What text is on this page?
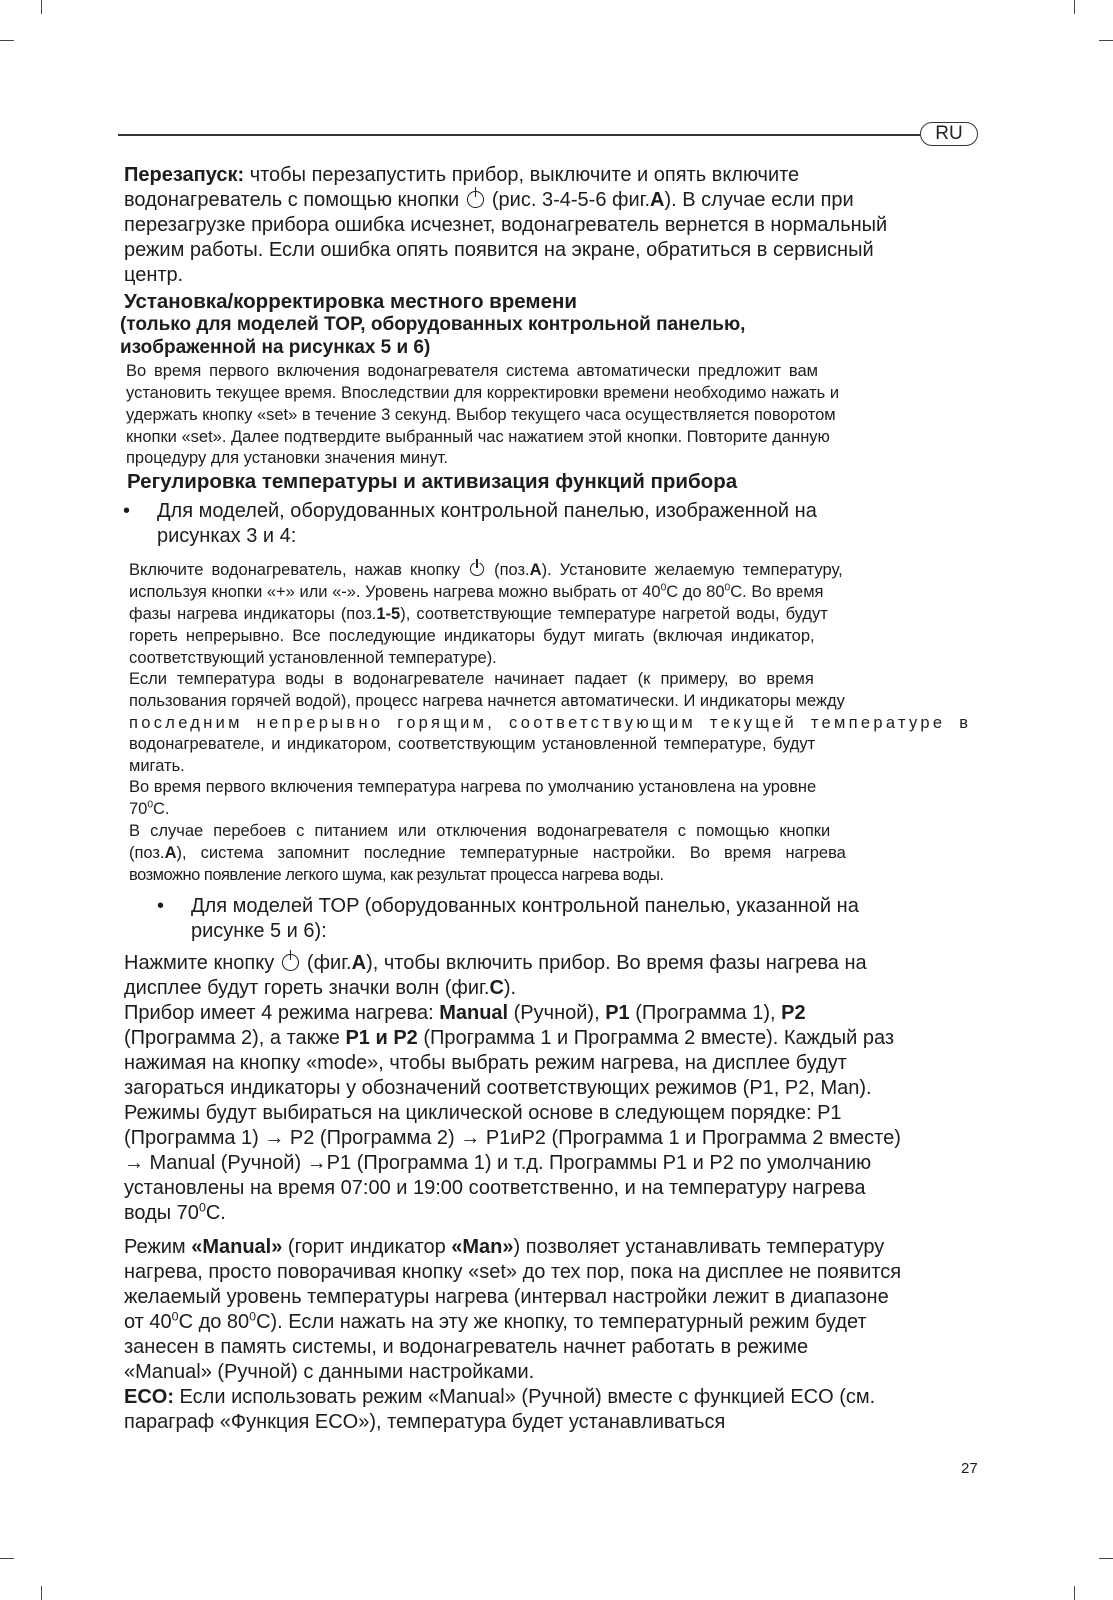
RU
Перезапуск: чтобы перезапустить прибор, выключите и опять включите
водонагреватель с помощью кнопки  (рис. 3-4-5-6 фиг.A). В случае если при
перезагрузке прибора ошибка исчезнет, водонагреватель вернется в нормальный
режим работы. Если ошибка опять появится на экране, обратиться в сервисный
центр.
Установка/корректировка местного времени
(только для моделей TOP, оборудованных контрольной панелью,
изображенной на рисунках 5 и 6)
Во время первого включения водонагревателя система автоматически предложит вам
установить текущее время. Впоследствии для корректировки времени необходимо нажать и
удержать кнопку «set» в течение 3 секунд. Выбор текущего часа осуществляется поворотом
кнопки «set». Далее подтвердите выбранный час нажатием этой кнопки. Повторите данную
процедуру для установки значения минут.
Регулировка температуры и активизация функций прибора
• Для моделей, оборудованных контрольной панелью, изображенной на
рисунках 3 и 4:
Включите водонагреватель, нажав кнопку  (поз.A). Установите желаемую температуру,
используя кнопки «+» или «-». Уровень нагрева можно выбрать от $40^0С$ до $80^0С$. Во время
фазы нагрева индикаторы (поз.1-5), соответствующие температуре нагретой воды, будут
гореть непрерывно. Все последующие индикаторы будут мигать (включая индикатор,
соответствующий установленной температуре).
Если температура воды в водонагревателе начинает падает (к примеру, во время
пользования горячей водой), процесс нагрева начнется автоматически. И индикаторы между
последним непрерывно горящим, соответствующим текущей температуре в
водонагревателе, и индикатором, соответствующим установленной температуре, будут
мигать.
Во время первого включения температура нагрева по умолчанию установлена на уровне
$70^0С$.
В случае перебоев с питанием или отключения водонагревателя с помощью кнопки
(поз.A), система запомнит последние температурные настройки. Во время нагрева
возможно появление легкого шума, как результат процесса нагрева воды.
• Для моделей TOP (оборудованных контрольной панелью, указанной на
рисунке 5 и 6):
Нажмите кнопку  (фиг.A), чтобы включить прибор. Во время фазы нагрева на
дисплее будут гореть значки волн (фиг.C).
Прибор имеет 4 режима нагрева: Manual (Ручной), P1 (Программа 1), P2
(Программа 2), а также P1 и P2 (Программа 1 и Программа 2 вместе). Каждый раз
нажимая на кнопку «mode», чтобы выбрать режим нагрева, на дисплее будут
загораться индикаторы у обозначений соответствующих режимов (P1, P2, Man).
Режимы будут выбираться на циклической основе в следующем порядке: P1
(Программа 1) → P2 (Программа 2) → P1иP2 (Программа 1 и Программа 2 вместе)
→ Manual (Ручной) →P1 (Программа 1) и т.д. Программы P1 и P2 по умолчанию
установлены на время 07:00 и 19:00 соответственно, и на температуру нагрева
воды $70^0С$.
Режим «Manual» (горит индикатор «Man») позволяет устанавливать температуру
нагрева, просто поворачивая кнопку «set» до тех пор, пока на дисплее не появится
желаемый уровень температуры нагрева (интервал настройки лежит в диапазоне
от $40^0С$ до $80^0С$). Если нажать на эту же кнопку, то температурный режим будет
занесен в память системы, и водонагреватель начнет работать в режиме
«Manual» (Ручной) с данными настройками.
ECO: Если использовать режим «Manual» (Ручной) вместе с функцией ECO (см.
параграф «Функция ECO»), температура будет устанавливаться
27
